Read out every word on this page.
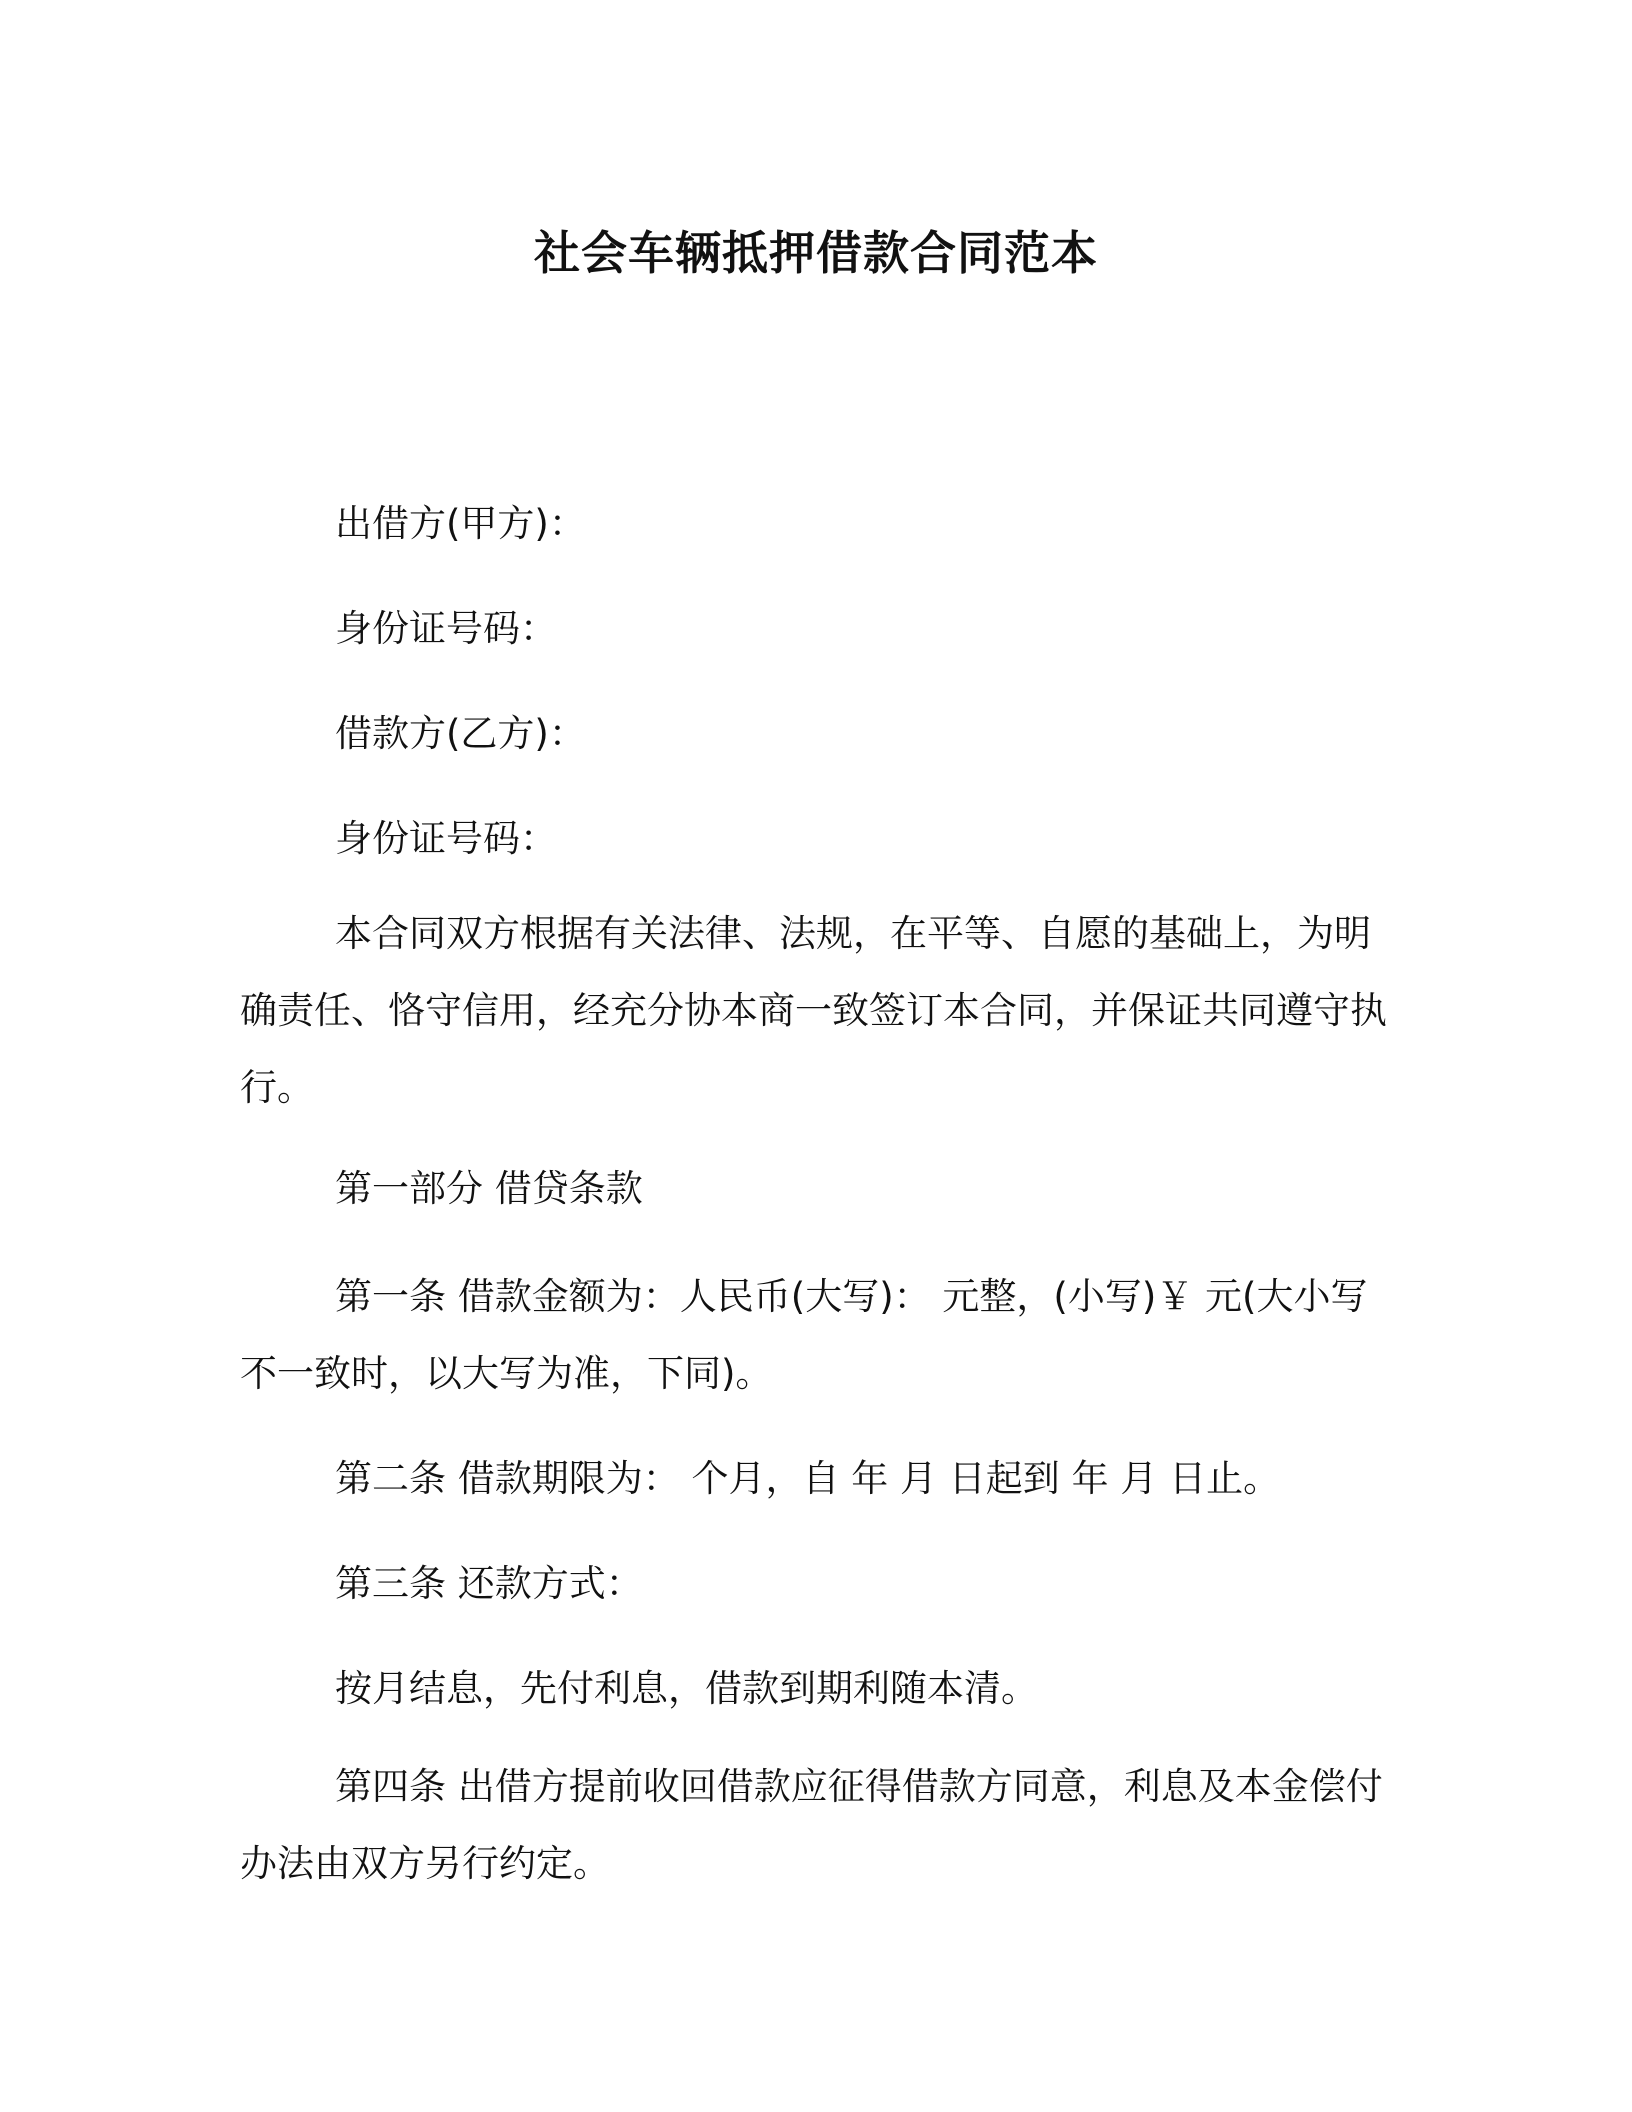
社会车辆抵押借款合同范本
出借方(甲方)：
身份证号码：
借款方(乙方)：
身份证号码：
本合同双方根据有关法律、法规，在平等、自愿的基础上，为明确责任、恪守信用，经充分协本商一致签订本合同，并保证共同遵守执行。
第一部分 借贷条款
第一条 借款金额为：人民币(大写)： 元整，(小写)￥ 元(大小写不一致时，以大写为准，下同)。
第二条 借款期限为： 个月，自 年 月 日起到 年 月 日止。
第三条 还款方式：
按月结息，先付利息，借款到期利随本清。
第四条 出借方提前收回借款应征得借款方同意，利息及本金偿付办法由双方另行约定。
